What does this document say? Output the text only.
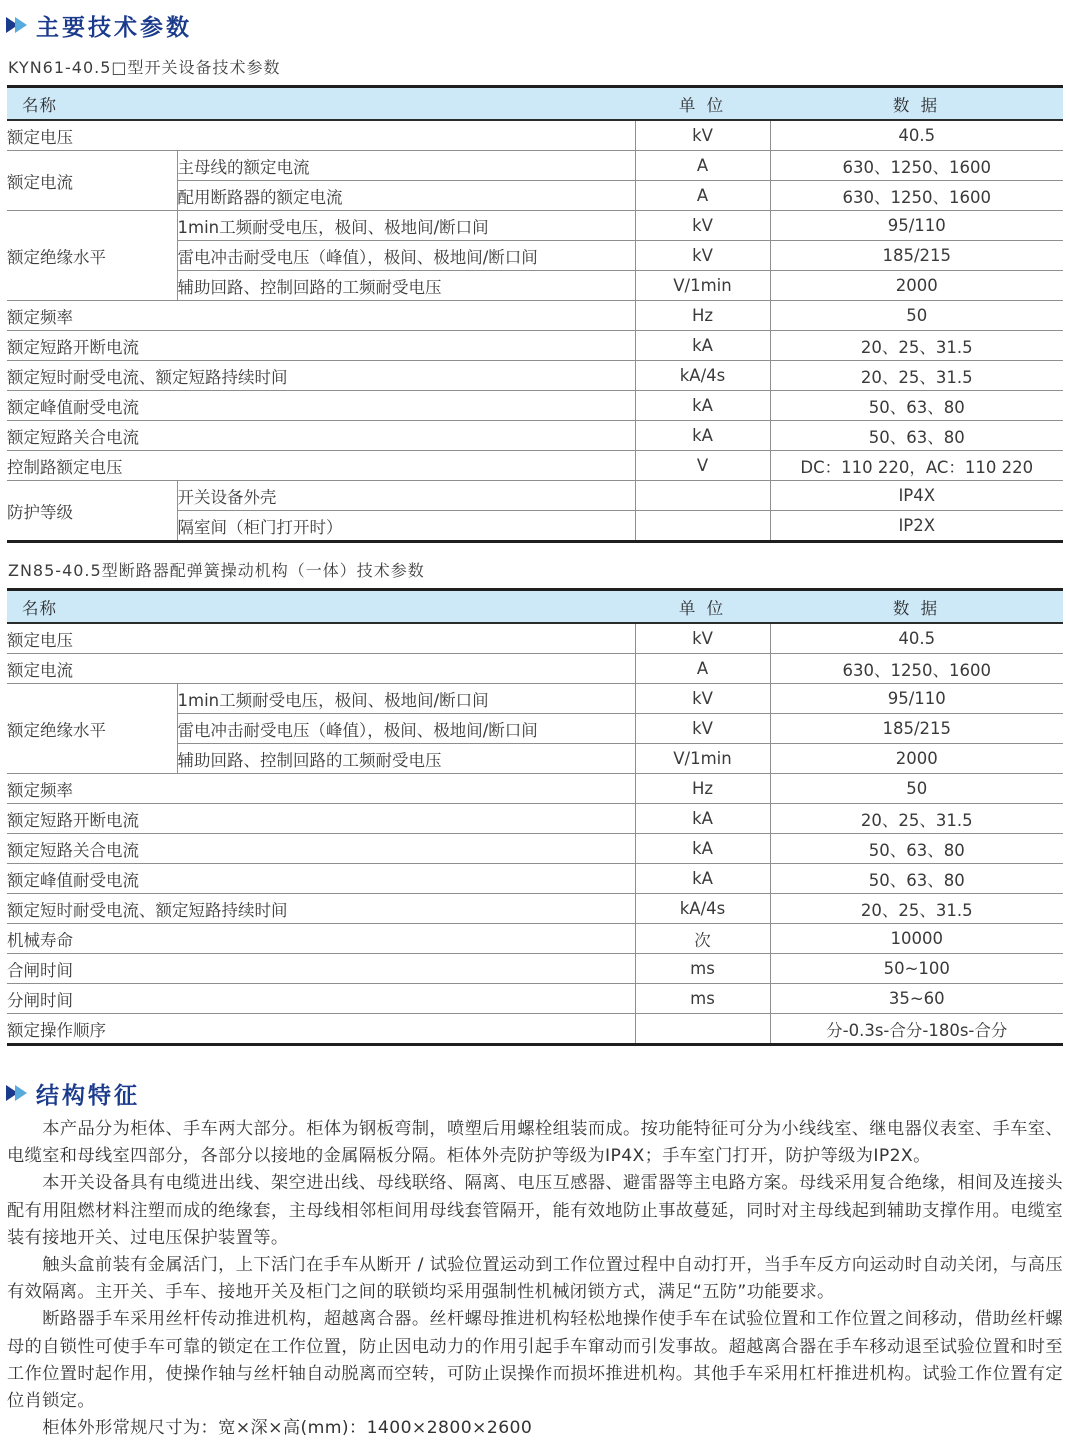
主要技术参数
KYN61-40.5□型开关设备技术参数
名称		单 位	数 据
额定电压		kV	40.5
额定电流	主母线的额定电流	A	630、1250、1600
	配用断路器的额定电流	A	630、1250、1600
额定绝缘水平	1min工频耐受电压，极间、极地间/断口间	kV	95/110
	雷电冲击耐受电压（峰值），极间、极地间/断口间	kV	185/215
	辅助回路、控制回路的工频耐受电压	V/1min	2000
额定频率		Hz	50
额定短路开断电流		kA	20、25、31.5
额定短时耐受电流、额定短路持续时间		kA/4s	20、25、31.5
额定峰值耐受电流		kA	50、63、80
额定短路关合电流		kA	50、63、80
控制路额定电压		V	DC：110 220，AC：110 220
防护等级	开关设备外壳		IP4X
	隔室间（柜门打开时）		IP2X
ZN85-40.5型断路器配弹簧操动机构（一体）技术参数
名称		单 位	数 据
额定电压		kV	40.5
额定电流		A	630、1250、1600
额定绝缘水平	1min工频耐受电压，极间、极地间/断口间	kV	95/110
	雷电冲击耐受电压（峰值），极间、极地间/断口间	kV	185/215
	辅助回路、控制回路的工频耐受电压	V/1min	2000
额定频率		Hz	50
额定短路开断电流		kA	20、25、31.5
额定短路关合电流		kA	50、63、80
额定峰值耐受电流		kA	50、63、80
额定短时耐受电流、额定短路持续时间		kA/4s	20、25、31.5
机械寿命		次	10000
合闸时间		ms	50~100
分闸时间		ms	35~60
额定操作顺序			分-0.3s-合分-180s-合分
结构特征

本产品分为柜体、手车两大部分。柜体为钢板弯制，喷塑后用螺栓组装而成。按功能特征可分为小线线室、继电器仪表室、手车室、电缆室和母线室四部分，各部分以接地的金属隔板分隔。柜体外壳防护等级为IP4X；手车室门打开，防护等级为IP2X。

本开关设备具有电缆进出线、架空进出线、母线联络、隔离、电压互感器、避雷器等主电路方案。母线采用复合绝缘，相间及连接头配有用阻燃材料注塑而成的绝缘套，主母线相邻柜间用母线套管隔开，能有效地防止事故蔓延，同时对主母线起到辅助支撑作用。电缆室装有接地开关、过电压保护装置等。

触头盒前装有金属活门，上下活门在手车从断开 / 试验位置运动到工作位置过程中自动打开，当手车反方向运动时自动关闭，与高压有效隔离。主开关、手车、接地开关及柜门之间的联锁均采用强制性机械闭锁方式，满足“五防”功能要求。

断路器手车采用丝杆传动推进机构，超越离合器。丝杆螺母推进机构轻松地操作使手车在试验位置和工作位置之间移动，借助丝杆螺母的自锁性可使手车可靠的锁定在工作位置，防止因电动力的作用引起手车窜动而引发事故。超越离合器在手车移动退至试验位置和时至工作位置时起作用，使操作轴与丝杆轴自动脱离而空转，可防止误操作而损坏推进机构。其他手车采用杠杆推进机构。试验工作位置有定位肖锁定。

柜体外形常规尺寸为：宽×深×高(mm)：1400×2800×2600
